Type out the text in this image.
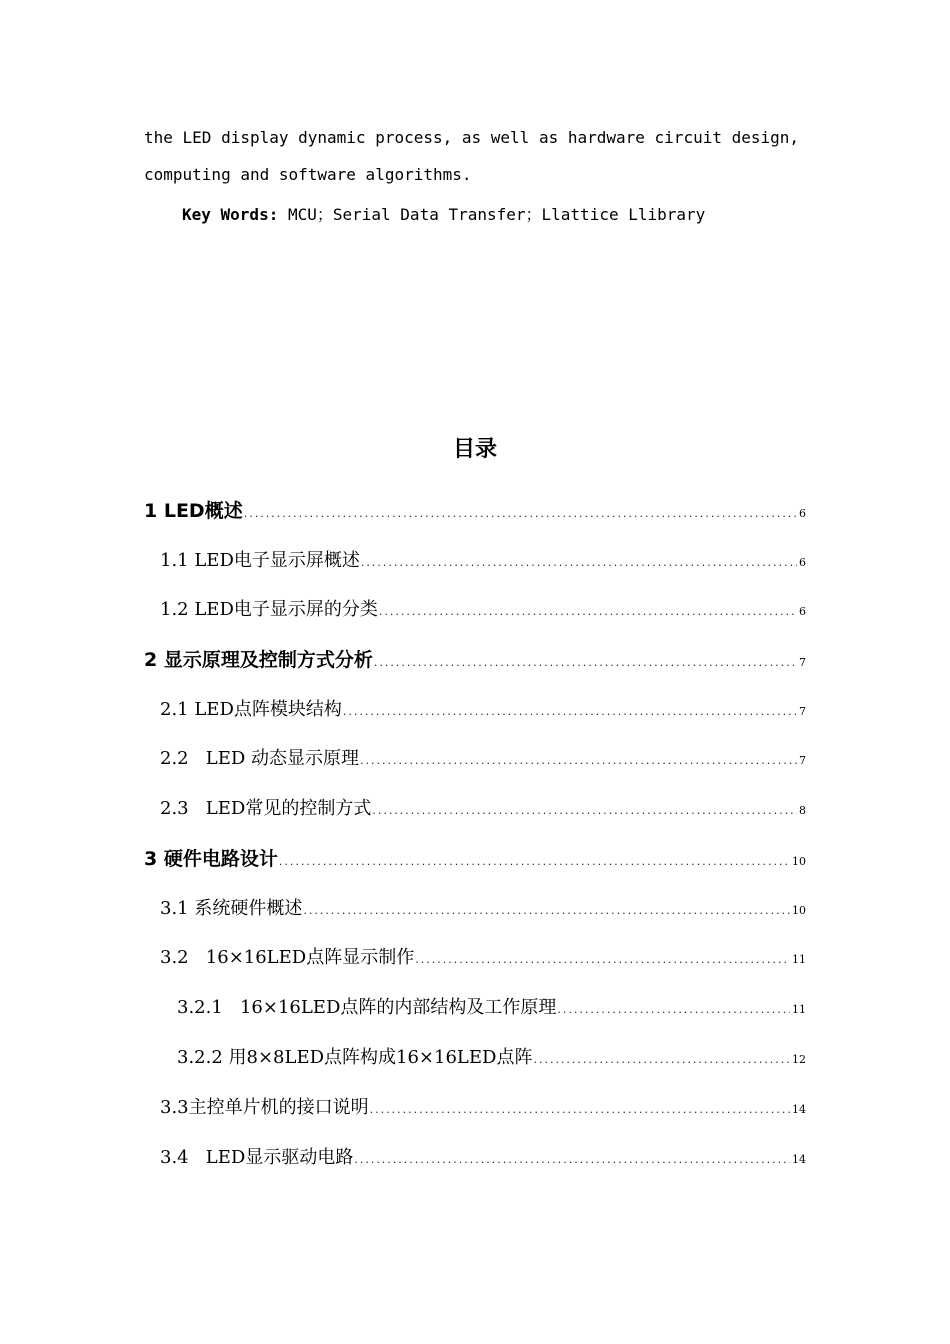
the LED display dynamic process, as well as hardware circuit design,
computing and software algorithms.
Key Words: MCU；Serial Data Transfer；Llattice Llibrary
目录
1 LED概述 .....	6
1.1 LED电子显示屏概述 .....	6
1.2 LED电子显示屏的分类 .....	6
2 显示原理及控制方式分析 .....	7
2.1 LED点阵模块结构 .....	7
2.2   LED 动态显示原理 .....	7
2.3   LED常见的控制方式 .....	8
3 硬件电路设计 .....	10
3.1 系统硬件概述 .....	10
3.2   16×16LED点阵显示制作 .....	11
3.2.1   16×16LED点阵的内部结构及工作原理 .....	11
3.2.2 用8×8LED点阵构成16×16LED点阵 .....	12
3.3主控单片机的接口说明 .....	14
3.4   LED显示驱动电路 .....	14
